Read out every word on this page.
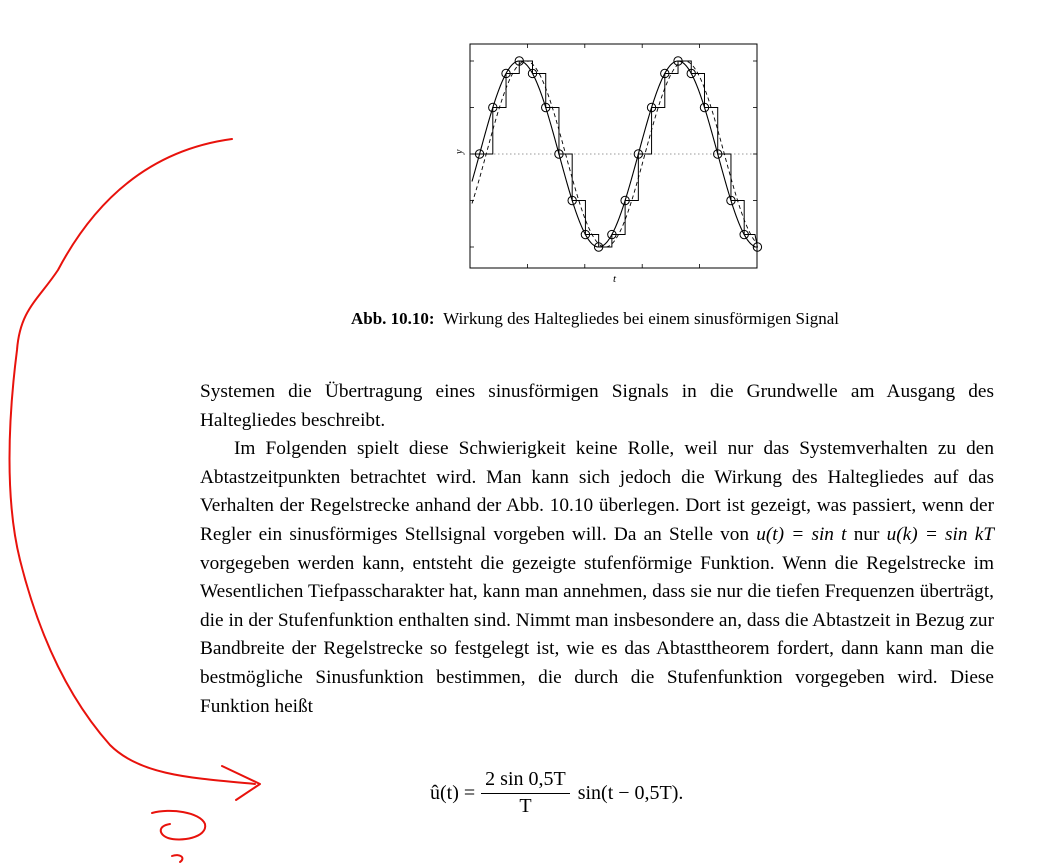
y
t
Abb. 10.10: Wirkung des Haltegliedes bei einem sinusförmigen Signal

Systemen die Übertragung eines sinusförmigen Signals in die Grundwelle am Ausgang des Haltegliedes beschreibt.

Im Folgenden spielt diese Schwierigkeit keine Rolle, weil nur das Systemverhalten zu den Abtastzeitpunkten betrachtet wird. Man kann sich jedoch die Wirkung des Haltegliedes auf das Verhalten der Regelstrecke anhand der Abb. 10.10 überlegen. Dort ist gezeigt, was passiert, wenn der Regler ein sinusförmiges Stellsignal vorgeben will. Da an Stelle von u(t) = sin t nur u(k) = sin kT vorgegeben werden kann, entsteht die gezeigte stufenförmige Funktion. Wenn die Regelstrecke im Wesentlichen Tiefpasscharakter hat, kann man annehmen, dass sie nur die tiefen Frequenzen überträgt, die in der Stufenfunktion enthalten sind. Nimmt man insbesondere an, dass die Abtastzeit in Bezug zur Bandbreite der Regelstrecke so festgelegt ist, wie es das Abtasttheorem fordert, dann kann man die bestmögliche Sinusfunktion bestimmen, die durch die Stufenfunktion vorgegeben wird. Diese Funktion heißt

û(t) = $\frac{2 \sin 0,5T}{T} \sin(t - 0,5T)$.
